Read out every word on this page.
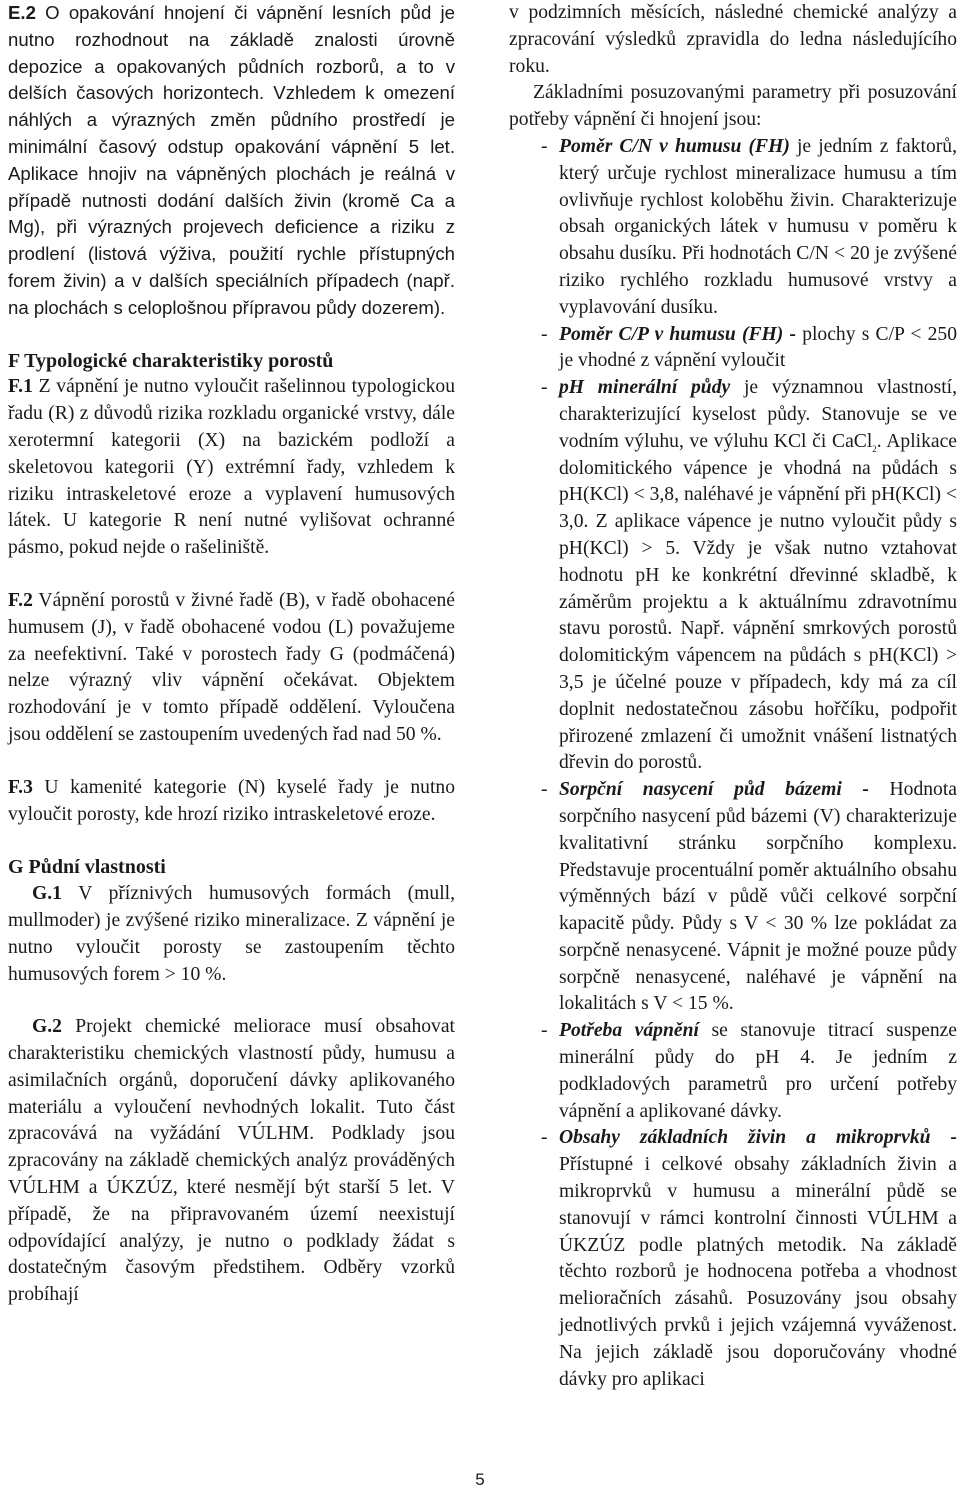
E.2 O opakování hnojení či vápnění lesních půd je nutno rozhodnout na základě znalosti úrovně depozice a opakovaných půdních rozborů, a to v delších časových horizontech. Vzhledem k omezení náhlých a výrazných změn půdního prostředí je minimální časový odstup opakování vápnění 5 let. Aplikace hnojiv na vápněných plochách je reálná v případě nutnosti dodání dalších živin (kromě Ca a Mg), při výrazných projevech deficience a riziku z prodlení (listová výživa, použití rychle přístupných forem živin) a v dalších speciálních případech (např. na plochách s celoplošnou přípravou půdy dozerem).

F Typologické charakteristiky porostů

F.1 Z vápnění je nutno vyloučit rašelinnou typologickou řadu (R) z důvodů rizika rozkladu organické vrstvy, dále xerotermní kategorii (X) na bazickém podloží a skeletovou kategorii (Y) extrémní řady, vzhledem k riziku intraskeletové eroze a vyplavení humusových látek. U kategorie R není nutné vylišovat ochranné pásmo, pokud nejde o rašeliniště.

F.2 Vápnění porostů v živné řadě (B), v řadě obohacené humusem (J), v řadě obohacené vodou (L) považujeme za neefektivní. Také v porostech řady G (podmáčená) nelze výrazný vliv vápnění očekávat. Objektem rozhodování je v tomto případě oddělení. Vyloučena jsou oddělení se zastoupením uvedených řad nad 50 %.

F.3 U kamenité kategorie (N) kyselé řady je nutno vyloučit porosty, kde hrozí riziko intraskeletové eroze.

G Půdní vlastnosti

G.1 V příznivých humusových formách (mull, mullmoder) je zvýšené riziko mineralizace. Z vápnění je nutno vyloučit porosty se zastoupením těchto humusových forem > 10 %.

G.2 Projekt chemické meliorace musí obsahovat charakteristiku chemických vlastností půdy, humusu a asimilačních orgánů, doporučení dávky aplikovaného materiálu a vyloučení nevhodných lokalit. Tuto část zpracovává na vyžádání VÚLHM. Podklady jsou zpracovány na základě chemických analýz prováděných VÚLHM a ÚKZÚZ, které nesmějí být starší 5 let. V případě, že na připravovaném území neexistují odpovídající analýzy, je nutno o podklady žádat s dostatečným časovým předstihem. Odběry vzorků probíhají

v podzimních měsících, následné chemické analýzy a zpracování výsledků zpravidla do ledna následujícího roku.

Základními posuzovanými parametry při posuzování potřeby vápnění či hnojení jsou:

- Poměr C/N v humusu (FH) je jedním z faktorů, který určuje rychlost mineralizace humusu a tím ovlivňuje rychlost koloběhu živin. Charakterizuje obsah organických látek v humusu v poměru k obsahu dusíku. Při hodnotách C/N < 20 je zvýšené riziko rychlého rozkladu humusové vrstvy a vyplavování dusíku.
- Poměr C/P v humusu (FH) - plochy s C/P < 250 je vhodné z vápnění vyloučit
- pH minerální půdy je významnou vlastností, charakterizující kyselost půdy. Stanovuje se ve vodním výluhu, ve výluhu KCl či CaCl$_2$. Aplikace dolomitického vápence je vhodná na půdách s pH(KCl) < 3,8, naléhavé je vápnění při pH(KCl) < 3,0. Z aplikace vápence je nutno vyloučit půdy s pH(KCl) > 5. Vždy je však nutno vztahovat hodnotu pH ke konkrétní dřevinné skladbě, k záměrům projektu a k aktuálnímu zdravotnímu stavu porostů. Např. vápnění smrkových porostů dolomitickým vápencem na půdách s pH(KCl) > 3,5 je účelné pouze v případech, kdy má za cíl doplnit nedostatečnou zásobu hořčíku, podpořit přirozené zmlazení či umožnit vnášení listnatých dřevin do porostů.
- Sorpční nasycení půd bázemi - Hodnota sorpčního nasycení půd bázemi (V) charakterizuje kvalitativní stránku sorpčního komplexu. Představuje procentuální poměr aktuálního obsahu výměnných bází v půdě vůči celkové sorpční kapacitě půdy. Půdy s V < 30 % lze pokládat za sorpčně nenasycené. Vápnit je možné pouze půdy sorpčně nenasycené, naléhavé je vápnění na lokalitách s V < 15 %.
- Potřeba vápnění se stanovuje titrací suspenze minerální půdy do pH 4. Je jedním z podkladových parametrů pro určení potřeby vápnění a aplikované dávky.
- Obsahy základních živin a mikroprvků - Přístupné i celkové obsahy základních živin a mikroprvků v humusu a minerální půdě se stanovují v rámci kontrolní činnosti VÚLHM a ÚKZÚZ podle platných metodik. Na základě těchto rozborů je hodnocena potřeba a vhodnost melioračních zásahů. Posuzovány jsou obsahy jednotlivých prvků i jejich vzájemná vyváženost. Na jejich základě jsou doporučovány vhodné dávky pro aplikaci
5
